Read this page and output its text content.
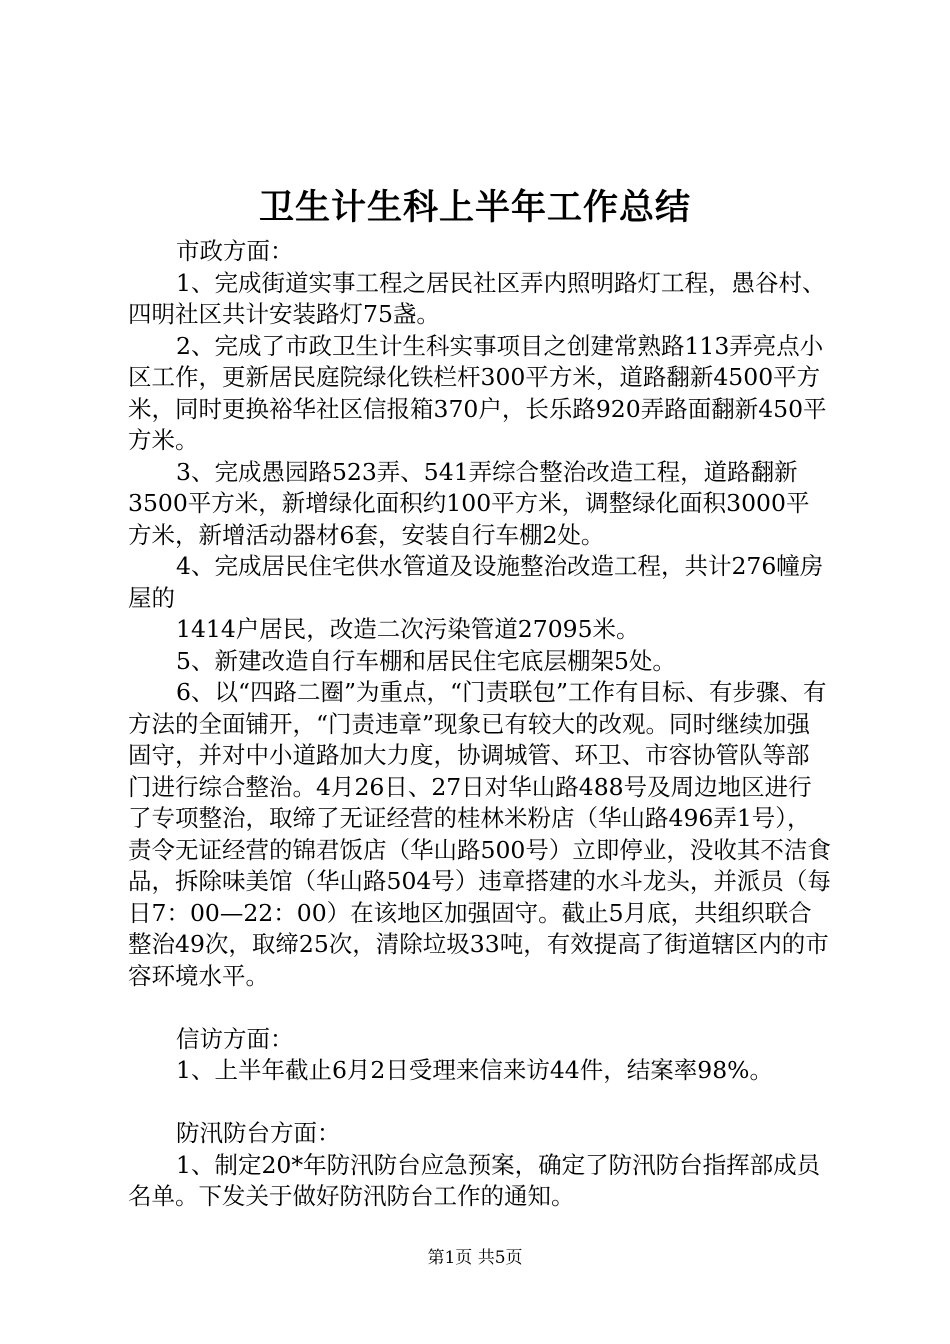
卫生计生科上半年工作总结

市政方面：

1、完成街道实事工程之居民社区弄内照明路灯工程，愚谷村、四明社区共计安装路灯75盏。

2、完成了市政卫生计生科实事项目之创建常熟路113弄亮点小区工作，更新居民庭院绿化铁栏杆300平方米，道路翻新4500平方米，同时更换裕华社区信报箱370户，长乐路920弄路面翻新450平方米。

3、完成愚园路523弄、541弄综合整治改造工程，道路翻新3500平方米，新增绿化面积约100平方米，调整绿化面积3000平方米，新增活动器材6套，安装自行车棚2处。

4、完成居民住宅供水管道及设施整治改造工程，共计276幢房屋的

1414户居民，改造二次污染管道27095米。

5、新建改造自行车棚和居民住宅底层棚架5处。

6、以“四路二圈”为重点，“门责联包”工作有目标、有步骤、有方法的全面铺开，“门责违章”现象已有较大的改观。同时继续加强固守，并对中小道路加大力度，协调城管、环卫、市容协管队等部门进行综合整治。4月26日、27日对华山路488号及周边地区进行了专项整治，取缔了无证经营的桂林米粉店（华山路496弄1号），责令无证经营的锦君饭店（华山路500号）立即停业，没收其不洁食品，拆除味美馆（华山路504号）违章搭建的水斗龙头，并派员（每日7：00—22：00）在该地区加强固守。截止5月底，共组织联合整治49次，取缔25次，清除垃圾33吨，有效提高了街道辖区内的市容环境水平。

信访方面：

1、上半年截止6月2日受理来信来访44件，结案率98%。

防汛防台方面：

1、制定20*年防汛防台应急预案，确定了防汛防台指挥部成员名单。下发关于做好防汛防台工作的通知。

第1页 共5页
